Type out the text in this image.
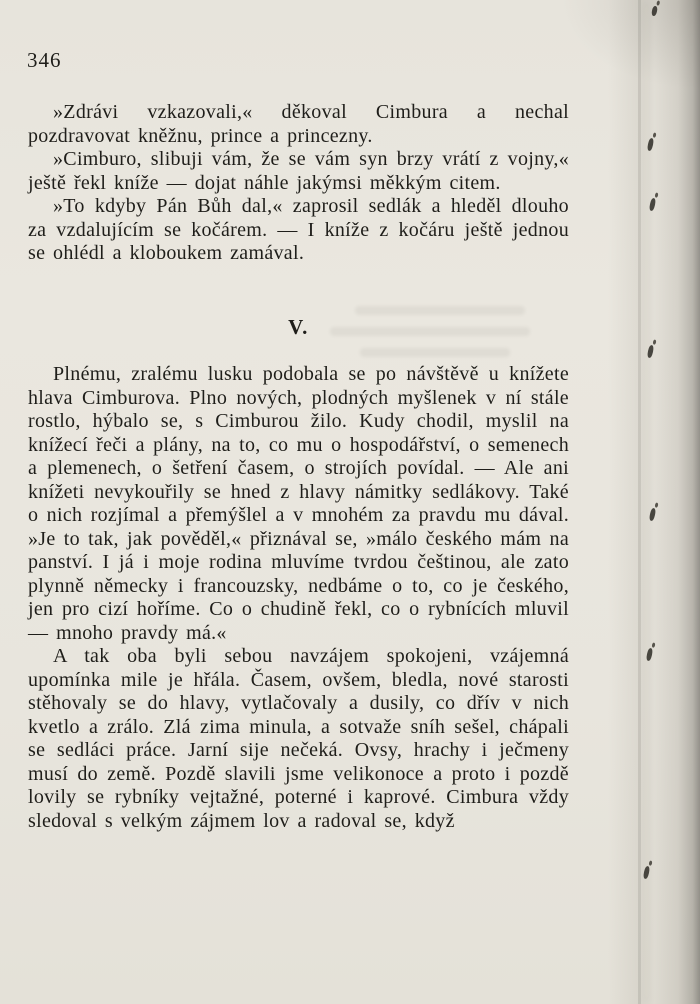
346

»Zdrávi vzkazovali,« děkoval Cimbura a nechal pozdravovat kněžnu, prince a princezny.

»Cimburo, slibuji vám, že se vám syn brzy vrátí z vojny,« ještě řekl kníže — dojat náhle jakýmsi měkkým citem.

»To kdyby Pán Bůh dal,« zaprosil sedlák a hleděl dlouho za vzdalujícím se kočárem. — I kníže z kočáru ještě jednou se ohlédl a kloboukem zamával.

V.

Plnému, zralému lusku podobala se po návštěvě u knížete hlava Cimburova. Plno nových, plodných myšlenek v ní stále rostlo, hýbalo se, s Cimburou žilo. Kudy chodil, myslil na knížecí řeči a plány, na to, co mu o hospodářství, o semenech a plemenech, o šetření časem, o strojích povídal. — Ale ani knížeti nevykouřily se hned z hlavy námitky sedlákovy. Také o nich rozjímal a přemýšlel a v mnohém za pravdu mu dával. »Je to tak, jak pověděl,« přiznával se, »málo českého mám na panství. I já i moje rodina mluvíme tvrdou češtinou, ale zato plynně německy i francouzsky, nedbáme o to, co je českého, jen pro cizí hoříme. Co o chudině řekl, co o rybnících mluvil — mnoho pravdy má.«

A tak oba byli sebou navzájem spokojeni, vzájemná upomínka mile je hřála. Časem, ovšem, bledla, nové starosti stěhovaly se do hlavy, vytlačovaly a dusily, co dřív v nich kvetlo a zrálo. Zlá zima minula, a sotvaže sníh sešel, chápali se sedláci práce. Jarní sije nečeká. Ovsy, hrachy i ječmeny musí do země. Pozdě slavili jsme velikonoce a proto i pozdě lovily se rybníky vejtažné, poterné i kaprové. Cimbura vždy sledoval s velkým zájmem lov a radoval se, když
